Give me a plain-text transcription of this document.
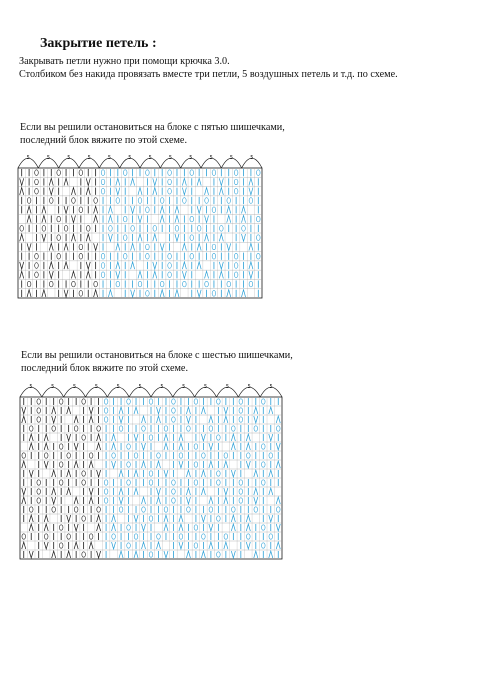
Закрытие петель :
Закрывать петли нужно при помощи крючка 3.0.
Столбиком без накида провязать вместе три петли, 5 воздушных петель и т.д. по схеме.
Если вы решили остановиться на блоке с пятью шишечками,
последний блок вяжите по этой схеме.
5	5	5	5	5	5	5	5	5	5	5	5
Если вы решили остановиться на блоке с шестью шишечками,
последний блок вяжите по этой схеме.
5	5	5	5	5	5	5	5	5	5	5	5
